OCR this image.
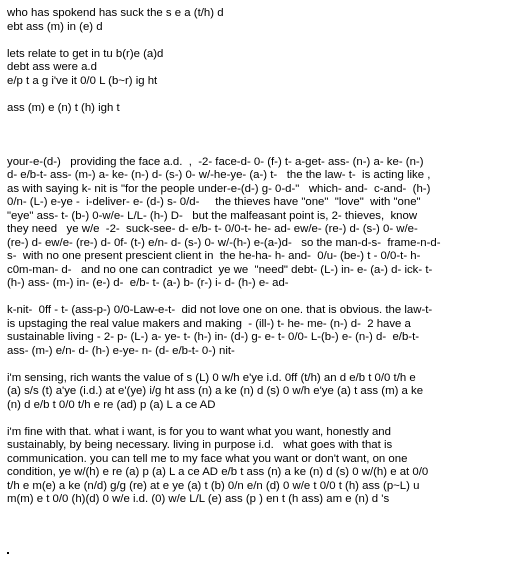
who has spokend has suck the s e a (t/h) d
ebt ass (m) in (e) d
lets relate to get in tu b(r)e (a)d
debt ass were a.d
e/p t a g i've it 0/0 L (b~r) ig ht
ass (m) e (n) t (h) igh t
your-e-(d-)   providing the face a.d.  ,  -2- face-d- 0- (f-) t- a-get- ass- (n-) a- ke- (n-)
d- e/b-t- ass- (m-) a- ke- (n-) d- (s-) 0- w/-he-ye- (a-) t-   the the law- t-  is acting like ,
as with saying k- nit is "for the people under-e-(d-) g- 0-d-"   which- and-  c-and-  (h-)
0/n- (L-) e-ye -  i-deliver- e- (d-) s- 0/d-     the thieves have "one"  "love"  with "one"
"eye" ass- t- (b-) 0-w/e- L/L- (h-) D-   but the malfeasant point is, 2- thieves,  know
they need   ye w/e  -2-  suck-see- d- e/b- t- 0/0-t- he- ad- ew/e- (re-) d- (s-) 0- w/e-
(re-) d- ew/e- (re-) d- 0f- (t-) e/n- d- (s-) 0- w/-(h-) e-(a-)d-   so the man-d-s-  frame-n-d-
s-  with no one present prescient client in  the he-ha- h- and-  0/u- (be-) t - 0/0-t- h-
c0m-man- d-   and no one can contradict  ye we  "need" debt- (L-) in- e- (a-) d- ick- t-
(h-) ass- (m-) in- (e-) d-  e/b- t- (a-) b- (r-) i- d- (h-) e- ad-
k-nit-  0ff - t- (ass-p-) 0/0-Law-e-t-  did not love one on one. that is obvious. the law-t-
is upstaging the real value makers and making  - (ill-) t- he- me- (n-) d-  2 have a
sustainable living - 2- p- (L-) a- ye- t- (h-) in- (d-) g- e- t- 0/0- L-(b-) e- (n-) d-  e/b-t-
ass- (m-) e/n- d- (h-) e-ye- n- (d- e/b-t- 0-) nit-
i'm sensing, rich wants the value of s (L) 0 w/h e'ye i.d. 0ff (t/h) an d e/b t 0/0 t/h e
(a) s/s (t) a'ye (i.d.) at e'(ye) i/g ht ass (n) a ke (n) d (s) 0 w/h e'ye (a) t ass (m) a ke
(n) d e/b t 0/0 t/h e re (ad) p (a) L a ce AD
i'm fine with that. what i want, is for you to want what you want, honestly and
sustainably, by being necessary. living in purpose i.d.   what goes with that is
communication. you can tell me to my face what you want or don't want, on one
condition, ye w/(h) e re (a) p (a) L a ce AD e/b t ass (n) a ke (n) d (s) 0 w/(h) e at 0/0
t/h e m(e) a ke (n/d) g/g (re) at e ye (a) t (b) 0/n e/n (d) 0 w/e t 0/0 t (h) ass (p~L) u
m(m) e t 0/0 (h)(d) 0 w/e i.d. (0) w/e L/L (e) ass (p ) en t (h ass) am e (n) d 's
